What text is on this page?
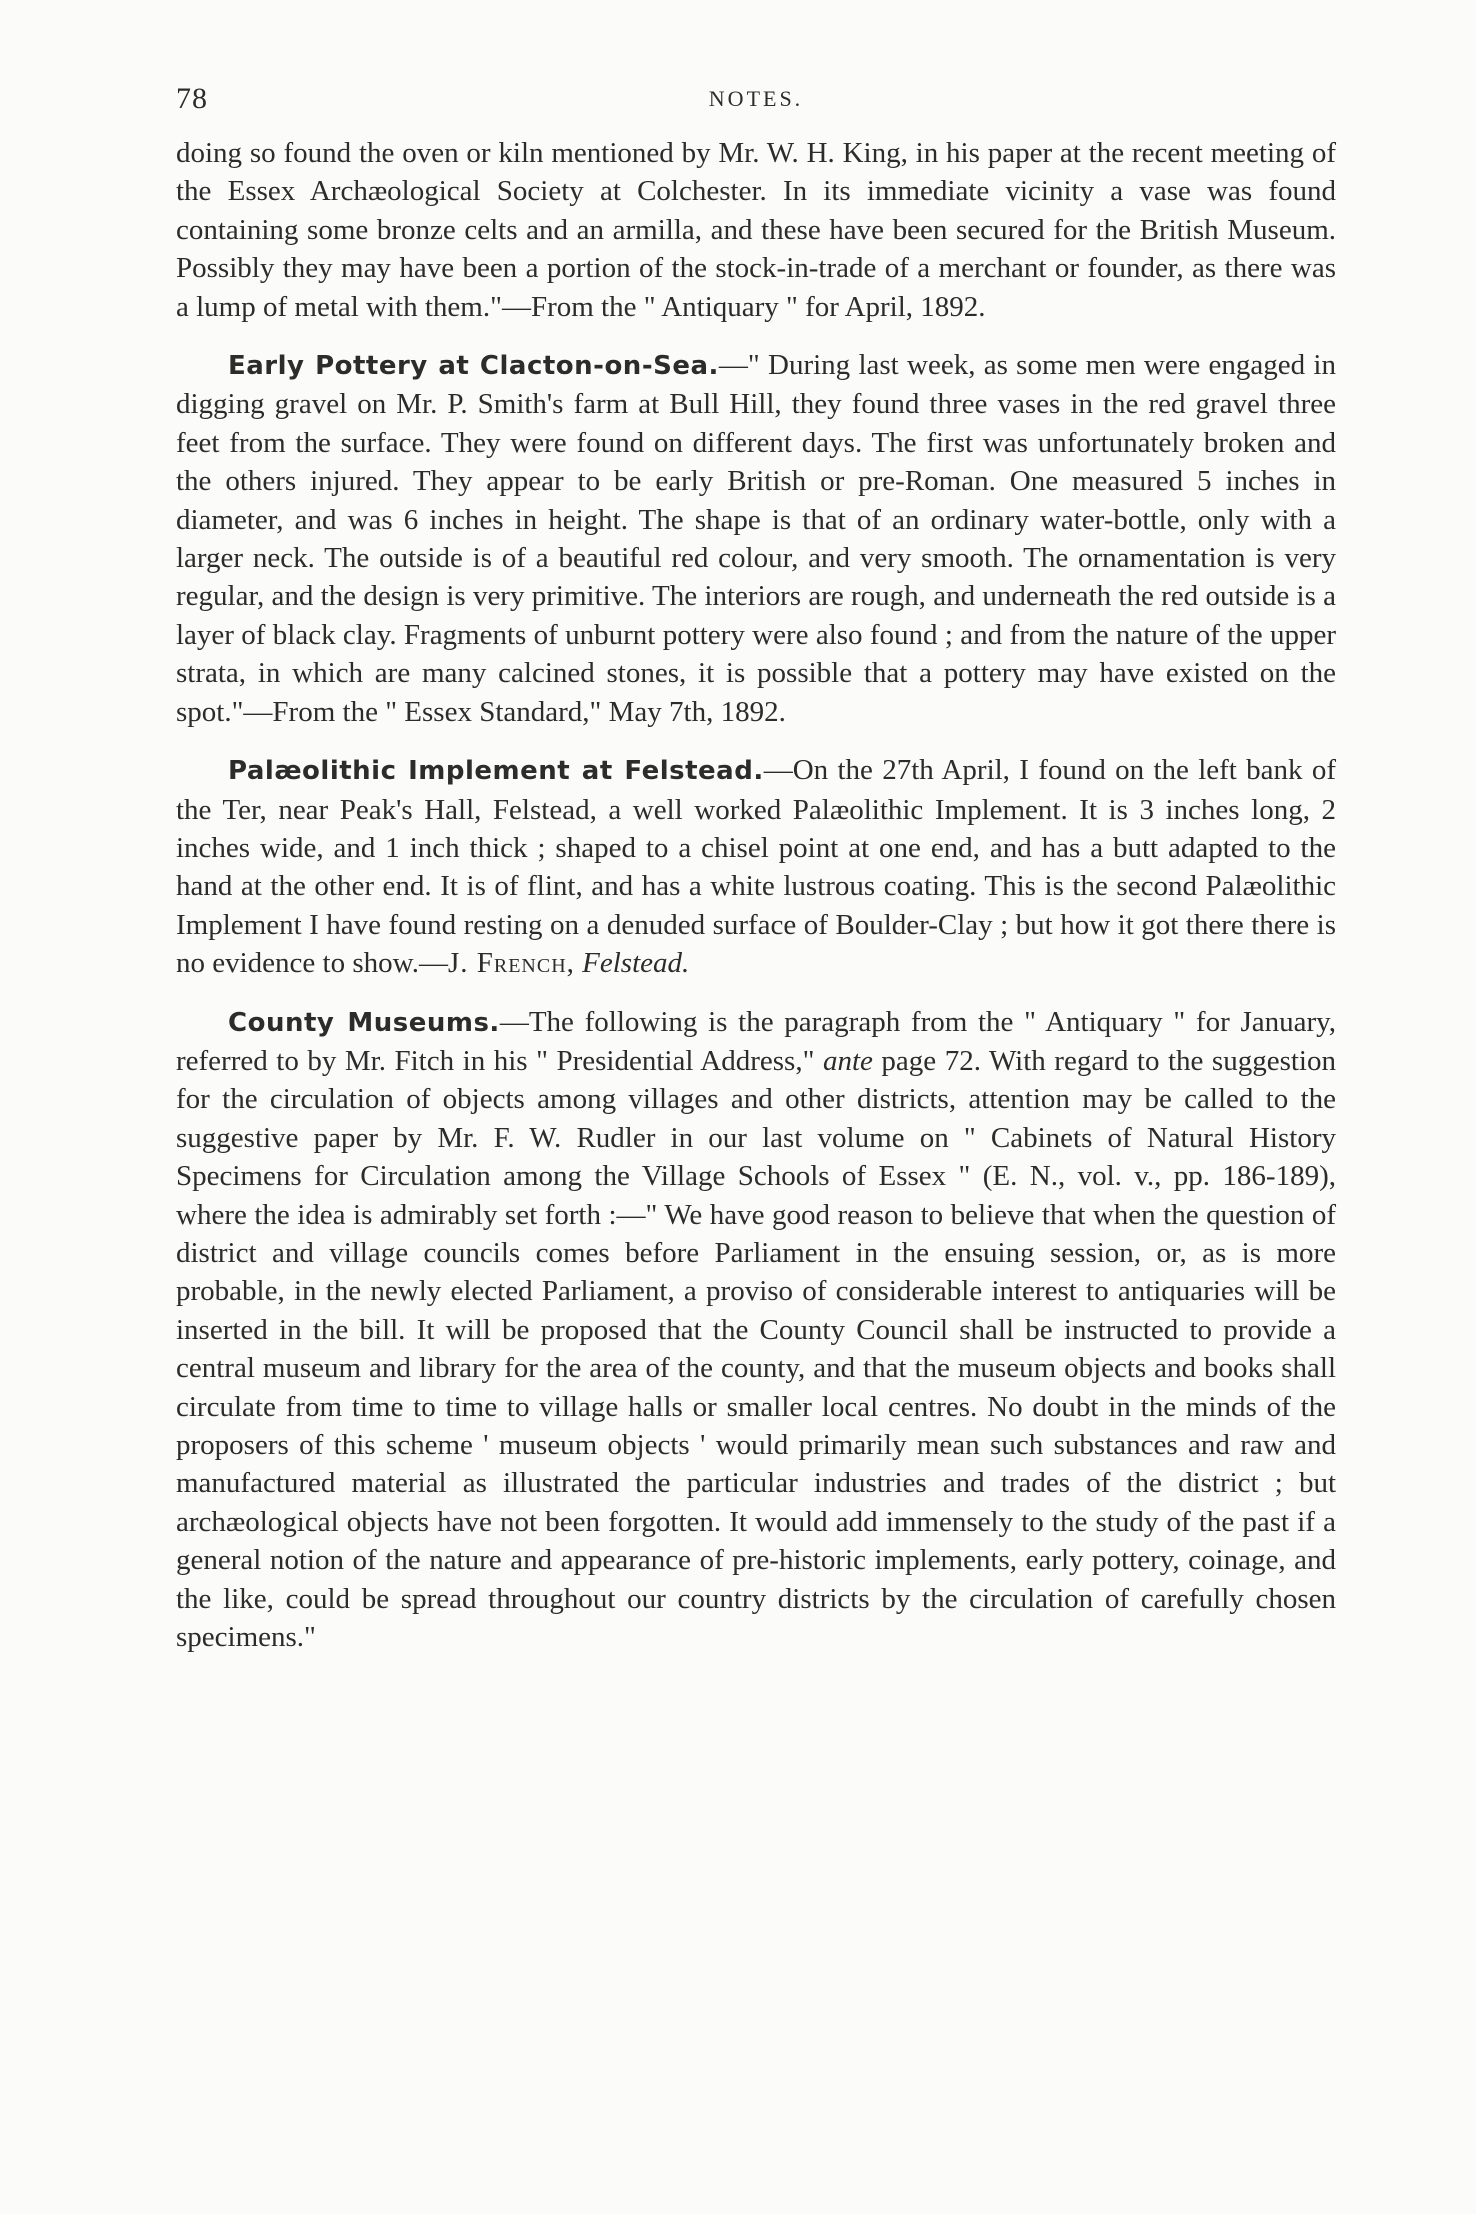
78	NOTES.

doing so found the oven or kiln mentioned by Mr. W. H. King, in his paper at the recent meeting of the Essex Archæological Society at Colchester. In its immediate vicinity a vase was found containing some bronze celts and an armilla, and these have been secured for the British Museum. Possibly they may have been a portion of the stock-in-trade of a merchant or founder, as there was a lump of metal with them."—From the " Antiquary " for April, 1892.

Early Pottery at Clacton-on-Sea.—" During last week, as some men were engaged in digging gravel on Mr. P. Smith's farm at Bull Hill, they found three vases in the red gravel three feet from the surface. They were found on different days. The first was unfortunately broken and the others injured. They appear to be early British or pre-Roman. One measured 5 inches in diameter, and was 6 inches in height. The shape is that of an ordinary water-bottle, only with a larger neck. The outside is of a beautiful red colour, and very smooth. The ornamentation is very regular, and the design is very primitive. The interiors are rough, and underneath the red outside is a layer of black clay. Fragments of unburnt pottery were also found ; and from the nature of the upper strata, in which are many calcined stones, it is possible that a pottery may have existed on the spot."—From the " Essex Standard," May 7th, 1892.

Palæolithic Implement at Felstead.—On the 27th April, I found on the left bank of the Ter, near Peak's Hall, Felstead, a well worked Palæolithic Implement. It is 3 inches long, 2 inches wide, and 1 inch thick ; shaped to a chisel point at one end, and has a butt adapted to the hand at the other end. It is of flint, and has a white lustrous coating. This is the second Palæolithic Implement I have found resting on a denuded surface of Boulder-Clay ; but how it got there there is no evidence to show.—J. French, Felstead.

County Museums.—The following is the paragraph from the " Antiquary " for January, referred to by Mr. Fitch in his " Presidential Address," ante page 72. With regard to the suggestion for the circulation of objects among villages and other districts, attention may be called to the suggestive paper by Mr. F. W. Rudler in our last volume on " Cabinets of Natural History Specimens for Circulation among the Village Schools of Essex " (E. N., vol. v., pp. 186-189), where the idea is admirably set forth :—" We have good reason to believe that when the question of district and village councils comes before Parliament in the ensuing session, or, as is more probable, in the newly elected Parliament, a proviso of considerable interest to antiquaries will be inserted in the bill. It will be proposed that the County Council shall be instructed to provide a central museum and library for the area of the county, and that the museum objects and books shall circulate from time to time to village halls or smaller local centres. No doubt in the minds of the proposers of this scheme ' museum objects ' would primarily mean such substances and raw and manufactured material as illustrated the particular industries and trades of the district ; but archæological objects have not been forgotten. It would add immensely to the study of the past if a general notion of the nature and appearance of pre-historic implements, early pottery, coinage, and the like, could be spread throughout our country districts by the circulation of carefully chosen specimens."
